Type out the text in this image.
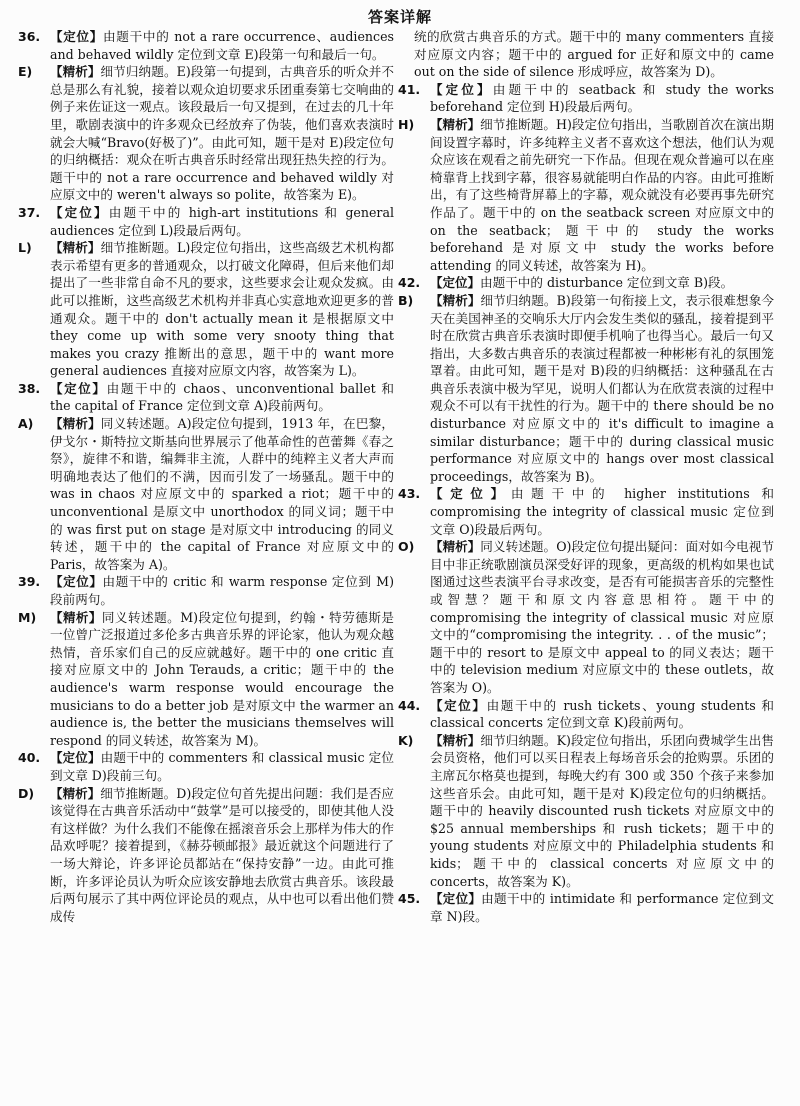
答案详解
36. 【定位】由题干中的 not a rare occurrence、audiences and behaved wildly 定位到文章 E)段第一句和最后一句。
E)	【精析】细节归纳题。E)段第一句提到，古典音乐的听众并不总是那么有礼貌，接着以观众迫切要求乐团重奏第七交响曲的例子来佐证这一观点。该段最后一句又提到，在过去的几十年里，歌剧表演中的许多观众已经放弃了伪装，他们喜欢表演时就会大喊“Bravo(好极了)”。由此可知，题干是对 E)段定位句的归纳概括：观众在听古典音乐时经常出现狂热失控的行为。题干中的 not a rare occurrence and behaved wildly 对应原文中的 weren't always so polite，故答案为 E)。
37. 【定位】由题干中的 high-art institutions 和 general audiences 定位到 L)段最后两句。
L)	【精析】细节推断题。L)段定位句指出，这些高级艺术机构都表示希望有更多的普通观众，以打破文化障碍，但后来他们却提出了一些非常自命不凡的要求，这些要求会让观众发疯。由此可以推断，这些高级艺术机构并非真心实意地欢迎更多的普通观众。题干中的 don't actually mean it 是根据原文中 they come up with some very snooty thing that makes you crazy 推断出的意思，题干中的 want more general audiences 直接对应原文内容，故答案为 L)。
38. 【定位】由题干中的 chaos、unconventional ballet 和 the capital of France 定位到文章 A)段前两句。
A)	【精析】同义转述题。A)段定位句提到，1913 年，在巴黎，伊戈尔・斯特拉文斯基向世界展示了他革命性的芭蕾舞《春之祭》，旋律不和谐，编舞非主流，人群中的纯粹主义者大声而明确地表达了他们的不满，因而引发了一场骚乱。题干中的 was in chaos 对应原文中的 sparked a riot；题干中的 unconventional 是原文中 unorthodox 的同义词；题干中的 was first put on stage 是对原文中 introducing 的同义转述，题干中的 the capital of France 对应原文中的 Paris，故答案为 A)。
39. 【定位】由题干中的 critic 和 warm response 定位到 M)段前两句。
M)	【精析】同义转述题。M)段定位句提到，约翰・特劳德斯是一位曾广泛报道过多伦多古典音乐界的评论家，他认为观众越热情，音乐家们自己的反应就越好。题干中的 one critic 直接对应原文中的 John Terauds, a critic；题干中的 the audience's warm response would encourage the musicians to do a better job 是对原文中 the warmer an audience is, the better the musicians themselves will respond 的同义转述，故答案为 M)。
40. 【定位】由题干中的 commenters 和 classical music 定位到文章 D)段前三句。
D)	【精析】细节推断题。D)段定位句首先提出问题：我们是否应该觉得在古典音乐活动中“鼓掌”是可以接受的，即使其他人没有这样做？为什么我们不能像在摇滚音乐会上那样为伟大的作品欢呼呢？接着提到，《赫芬顿邮报》最近就这个问题进行了一场大辩论，许多评论员都站在“保持安静”一边。由此可推断，许多评论员认为听众应该安静地去欣赏古典音乐。该段最后两句展示了其中两位评论员的观点，从中也可以看出他们赞成传
统的欣赏古典音乐的方式。题干中的 many commenters 直接对应原文内容；题干中的 argued for 正好和原文中的 came out on the side of silence 形成呼应，故答案为 D)。
41. 【定位】由题干中的 seatback 和 study the works beforehand 定位到 H)段最后两句。
H)	【精析】细节推断题。H)段定位句指出，当歌剧首次在演出期间设置字幕时，许多纯粹主义者不喜欢这个想法，他们认为观众应该在观看之前先研究一下作品。但现在观众普遍可以在座椅靠背上找到字幕，很容易就能明白作品的内容。由此可推断出，有了这些椅背屏幕上的字幕，观众就没有必要再事先研究作品了。题干中的 on the seatback screen 对应原文中的 on the seatback；题干中的 study the works beforehand 是对原文中 study the works before attending 的同义转述，故答案为 H)。
42. 【定位】由题干中的 disturbance 定位到文章 B)段。
B)	【精析】细节归纳题。B)段第一句衔接上文，表示很难想象今天在美国神圣的交响乐大厅内会发生类似的骚乱，接着提到平时在欣赏古典音乐表演时即便手机响了也得当心。最后一句又指出，大多数古典音乐的表演过程都被一种彬彬有礼的氛围笼罩着。由此可知，题干是对 B)段的归纳概括：这种骚乱在古典音乐表演中极为罕见，说明人们都认为在欣赏表演的过程中观众不可以有干扰性的行为。题干中的 there should be no disturbance 对应原文中的 it's difficult to imagine a similar disturbance；题干中的 during classical music performance 对应原文中的 hangs over most classical proceedings，故答案为 B)。
43. 【定位】由题干中的 higher institutions 和 compromising the integrity of classical music 定位到文章 O)段最后两句。
O)	【精析】同义转述题。O)段定位句提出疑问：面对如今电视节目中非正统歌剧演员深受好评的现象，更高级的机构如果也试图通过这些表演平台寻求改变，是否有可能损害音乐的完整性或智慧？题干和原文内容意思相符。题干中的 compromising the integrity of classical music 对应原文中的“compromising the integrity. . . of the music”；题干中的 resort to 是原文中 appeal to 的同义表达；题干中的 television medium 对应原文中的 these outlets，故答案为 O)。
44. 【定位】由题干中的 rush tickets、young students 和 classical concerts 定位到文章 K)段前两句。
K)	【精析】细节归纳题。K)段定位句指出，乐团向费城学生出售会员资格，他们可以买日程表上每场音乐会的抢购票。乐团的主席瓦尔格莫也提到，每晚大约有 300 或 350 个孩子来参加这些音乐会。由此可知，题干是对 K)段定位句的归纳概括。题干中的 heavily discounted rush tickets 对应原文中的 $25 annual memberships 和 rush tickets；题干中的 young students 对应原文中的 Philadelphia students 和 kids；题干中的 classical concerts 对应原文中的 concerts，故答案为 K)。
45. 【定位】由题干中的 intimidate 和 performance 定位到文章 N)段。
